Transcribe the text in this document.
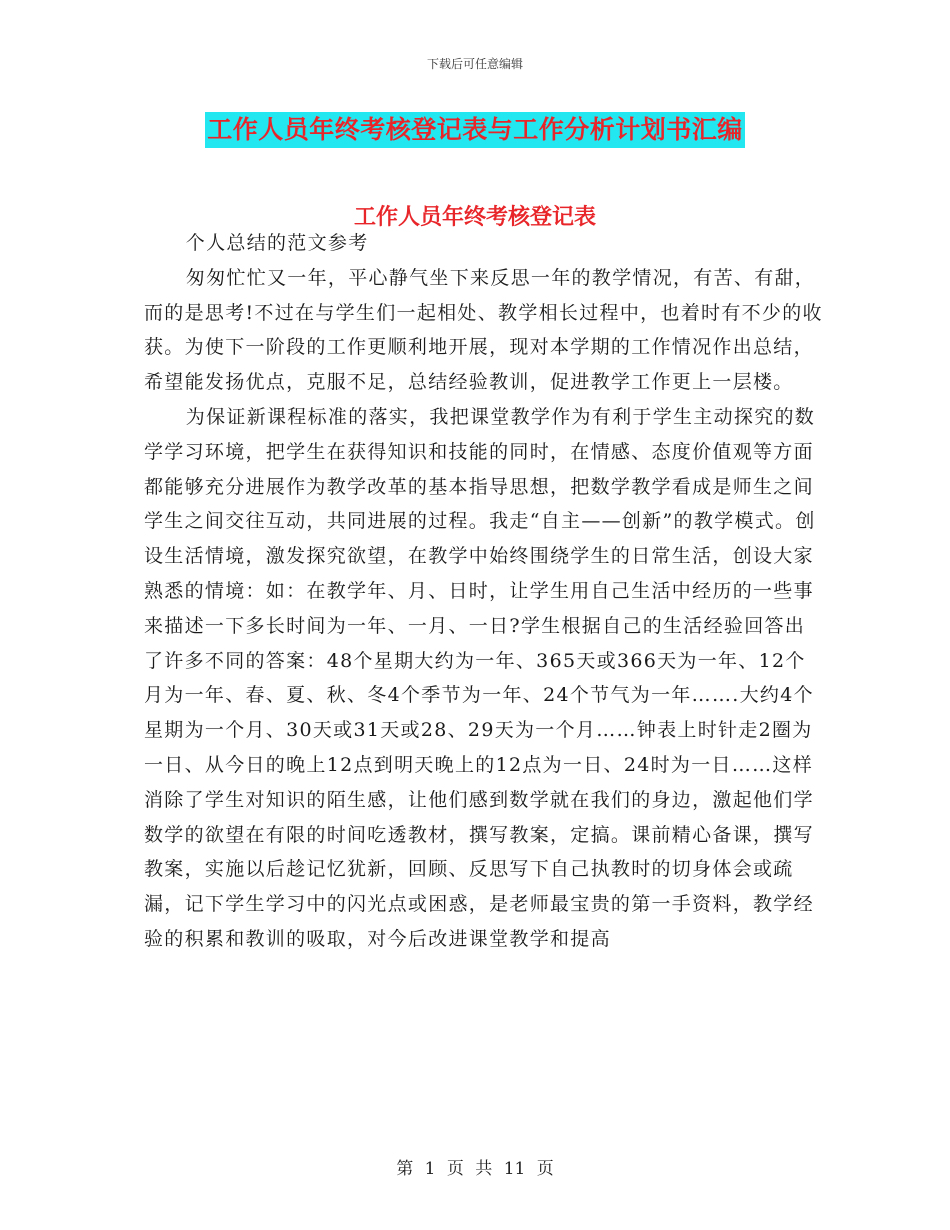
下载后可任意编辑
工作人员年终考核登记表与工作分析计划书汇编
工作人员年终考核登记表

个人总结的范文参考

匆匆忙忙又一年，平心静气坐下来反思一年的教学情况，有苦、有甜，而的是思考!不过在与学生们一起相处、教学相长过程中，也着时有不少的收获。为使下一阶段的工作更顺利地开展，现对本学期的工作情况作出总结，希望能发扬优点，克服不足，总结经验教训，促进教学工作更上一层楼。

为保证新课程标准的落实，我把课堂教学作为有利于学生主动探究的数学学习环境，把学生在获得知识和技能的同时，在情感、态度价值观等方面都能够充分进展作为教学改革的基本指导思想，把数学教学看成是师生之间学生之间交往互动，共同进展的过程。我走“自主——创新”的教学模式。创设生活情境，激发探究欲望，在教学中始终围绕学生的日常生活，创设大家熟悉的情境：如：在教学年、月、日时，让学生用自己生活中经历的一些事来描述一下多长时间为一年、一月、一日?学生根据自己的生活经验回答出了许多不同的答案：48个星期大约为一年、365天或366天为一年、12个月为一年、春、夏、秋、冬4个季节为一年、24个节气为一年…….大约4个星期为一个月、30天或31天或28、29天为一个月……钟表上时针走2圈为一日、从今日的晚上12点到明天晚上的12点为一日、24时为一日……这样消除了学生对知识的陌生感，让他们感到数学就在我们的身边，激起他们学数学的欲望在有限的时间吃透教材，撰写教案，定搞。课前精心备课，撰写教案，实施以后趁记忆犹新，回顾、反思写下自己执教时的切身体会或疏漏，记下学生学习中的闪光点或困惑，是老师最宝贵的第一手资料，教学经验的积累和教训的吸取，对今后改进课堂教学和提高

第 1 页 共 11 页
